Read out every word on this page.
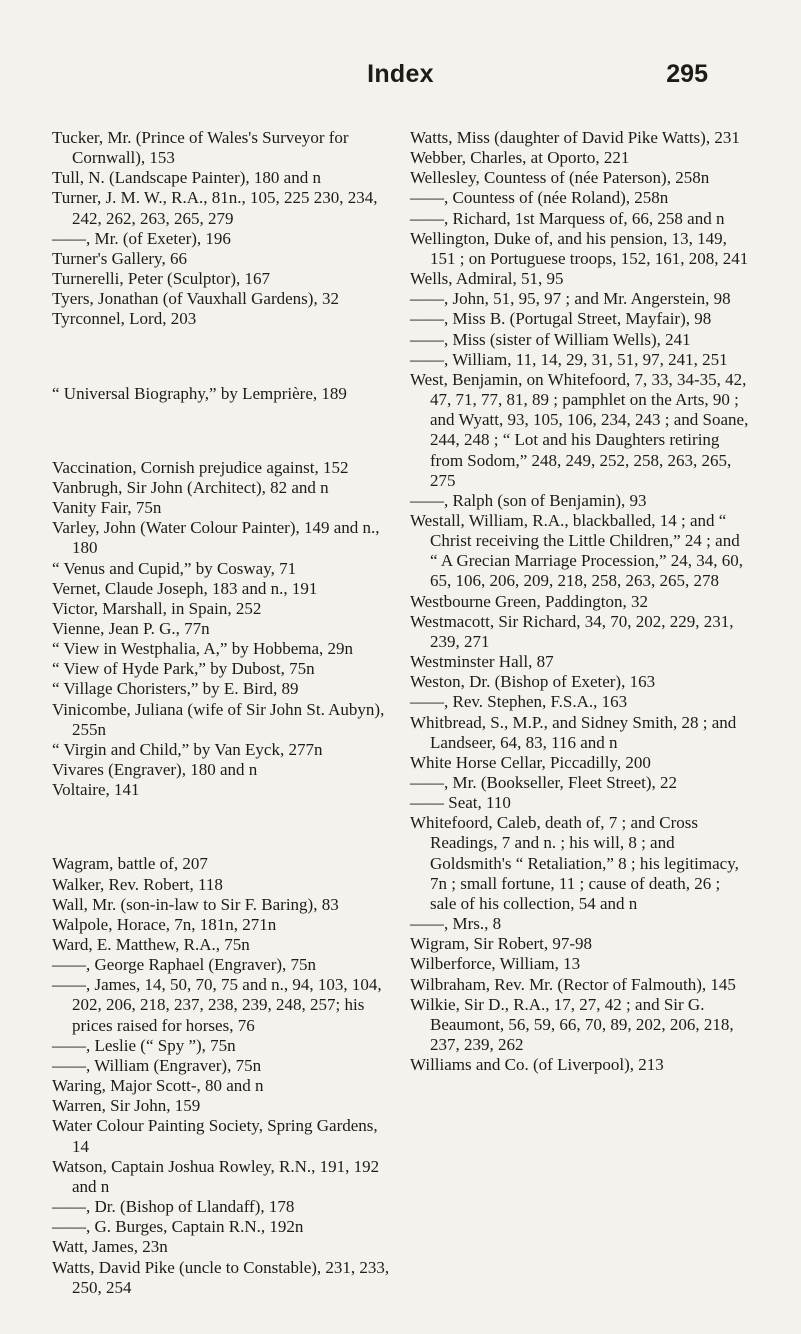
Index	295

Tucker, Mr. (Prince of Wales's Surveyor for Cornwall), 153

Tull, N. (Landscape Painter), 180 and n

Turner, J. M. W., R.A., 81n., 105, 225 230, 234, 242, 262, 263, 265, 279

——, Mr. (of Exeter), 196

Turner's Gallery, 66

Turnerelli, Peter (Sculptor), 167

Tyers, Jonathan (of Vauxhall Gardens), 32

Tyrconnel, Lord, 203

“ Universal Biography,” by Lemprière, 189

Vaccination, Cornish prejudice against, 152

Vanbrugh, Sir John (Architect), 82 and n

Vanity Fair, 75n

Varley, John (Water Colour Painter), 149 and n., 180

“ Venus and Cupid,” by Cosway, 71

Vernet, Claude Joseph, 183 and n., 191

Victor, Marshall, in Spain, 252

Vienne, Jean P. G., 77n

“ View in Westphalia, A,” by Hobbema, 29n

“ View of Hyde Park,” by Dubost, 75n

“ Village Choristers,” by E. Bird, 89

Vinicombe, Juliana (wife of Sir John St. Aubyn), 255n

“ Virgin and Child,” by Van Eyck, 277n

Vivares (Engraver), 180 and n

Voltaire, 141

Wagram, battle of, 207

Walker, Rev. Robert, 118

Wall, Mr. (son-in-law to Sir F. Baring), 83

Walpole, Horace, 7n, 181n, 271n

Ward, E. Matthew, R.A., 75n

——, George Raphael (Engraver), 75n

——, James, 14, 50, 70, 75 and n., 94, 103, 104, 202, 206, 218, 237, 238, 239, 248, 257; his prices raised for horses, 76

——, Leslie (“ Spy ”), 75n

——, William (Engraver), 75n

Waring, Major Scott-, 80 and n

Warren, Sir John, 159

Water Colour Painting Society, Spring Gardens, 14

Watson, Captain Joshua Rowley, R.N., 191, 192 and n

——, Dr. (Bishop of Llandaff), 178

——, G. Burges, Captain R.N., 192n

Watt, James, 23n

Watts, David Pike (uncle to Constable), 231, 233, 250, 254

Watts, Miss (daughter of David Pike Watts), 231

Webber, Charles, at Oporto, 221

Wellesley, Countess of (née Paterson), 258n

——, Countess of (née Roland), 258n

——, Richard, 1st Marquess of, 66, 258 and n

Wellington, Duke of, and his pension, 13, 149, 151 ; on Portuguese troops, 152, 161, 208, 241

Wells, Admiral, 51, 95

——, John, 51, 95, 97 ; and Mr. Angerstein, 98

——, Miss B. (Portugal Street, Mayfair), 98

——, Miss (sister of William Wells), 241

——, William, 11, 14, 29, 31, 51, 97, 241, 251

West, Benjamin, on Whitefoord, 7, 33, 34-35, 42, 47, 71, 77, 81, 89 ; pamphlet on the Arts, 90 ; and Wyatt, 93, 105, 106, 234, 243 ; and Soane, 244, 248 ; “ Lot and his Daughters retiring from Sodom,” 248, 249, 252, 258, 263, 265, 275

——, Ralph (son of Benjamin), 93

Westall, William, R.A., blackballed, 14 ; and “ Christ receiving the Little Children,” 24 ; and “ A Grecian Marriage Procession,” 24, 34, 60, 65, 106, 206, 209, 218, 258, 263, 265, 278

Westbourne Green, Paddington, 32

Westmacott, Sir Richard, 34, 70, 202, 229, 231, 239, 271

Westminster Hall, 87

Weston, Dr. (Bishop of Exeter), 163

——, Rev. Stephen, F.S.A., 163

Whitbread, S., M.P., and Sidney Smith, 28 ; and Landseer, 64, 83, 116 and n

White Horse Cellar, Piccadilly, 200

——, Mr. (Bookseller, Fleet Street), 22

—— Seat, 110

Whitefoord, Caleb, death of, 7 ; and Cross Readings, 7 and n. ; his will, 8 ; and Goldsmith's “ Retaliation,” 8 ; his legitimacy, 7n ; small fortune, 11 ; cause of death, 26 ; sale of his collection, 54 and n

——, Mrs., 8

Wigram, Sir Robert, 97-98

Wilberforce, William, 13

Wilbraham, Rev. Mr. (Rector of Falmouth), 145

Wilkie, Sir D., R.A., 17, 27, 42 ; and Sir G. Beaumont, 56, 59, 66, 70, 89, 202, 206, 218, 237, 239, 262

Williams and Co. (of Liverpool), 213
